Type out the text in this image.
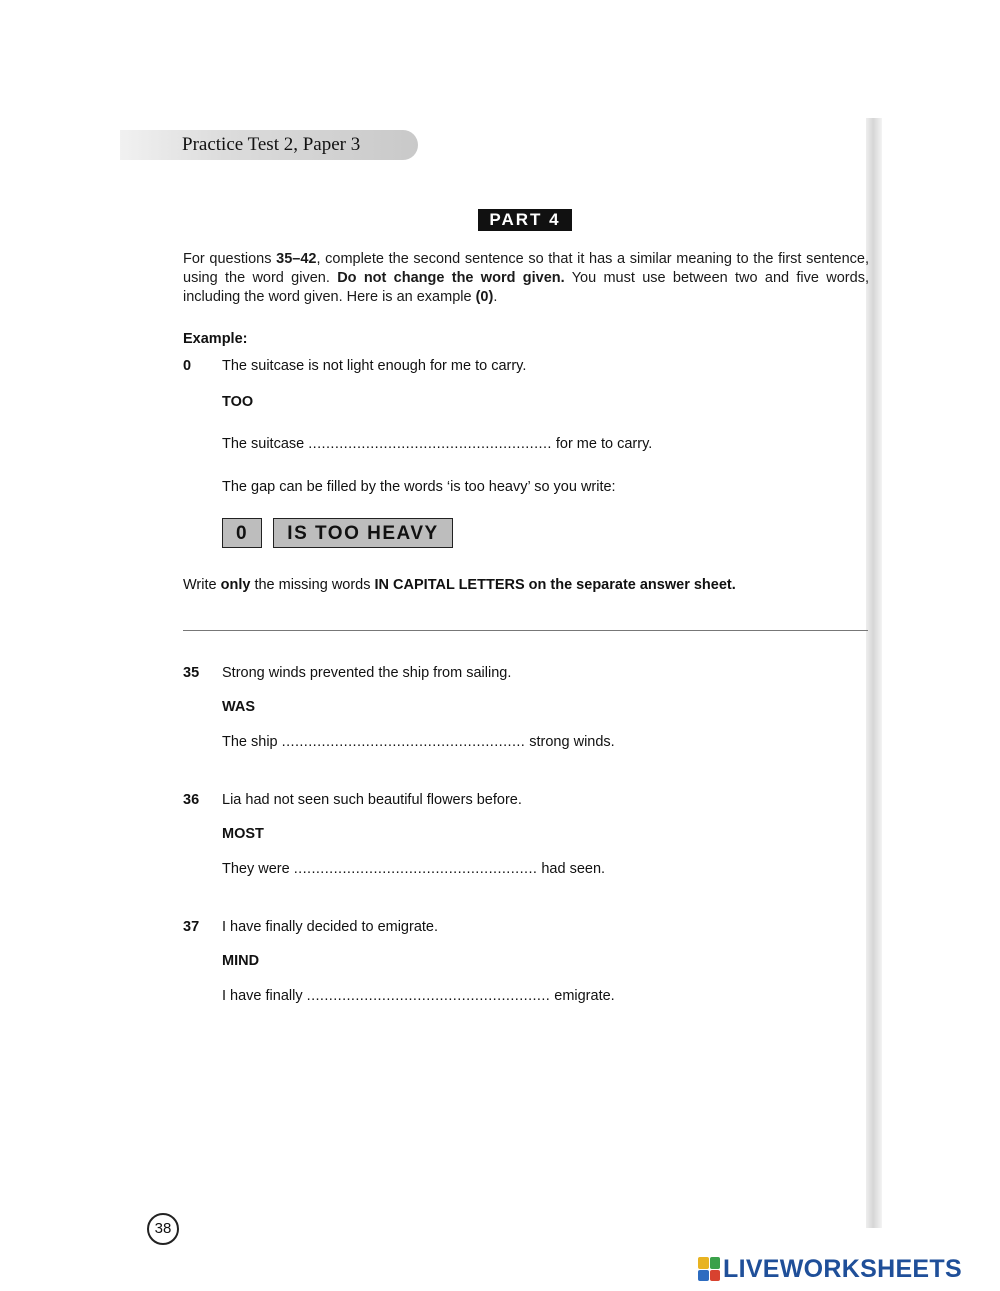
Practice Test 2, Paper 3
PART 4
For questions 35–42, complete the second sentence so that it has a similar meaning to the first sentence, using the word given. Do not change the word given. You must use between two and five words, including the word given. Here is an example (0).
Example:
0 The suitcase is not light enough for me to carry.
TOO
The suitcase ....................................................... for me to carry.
The gap can be filled by the words ‘is too heavy’ so you write:
0	IS TOO HEAVY
Write only the missing words IN CAPITAL LETTERS on the separate answer sheet.
35 Strong winds prevented the ship from sailing.
WAS
The ship ....................................................... strong winds.
36 Lia had not seen such beautiful flowers before.
MOST
They were ....................................................... had seen.
37 I have finally decided to emigrate.
MIND
I have finally ....................................................... emigrate.
38
LIVEWORKSHEETS
